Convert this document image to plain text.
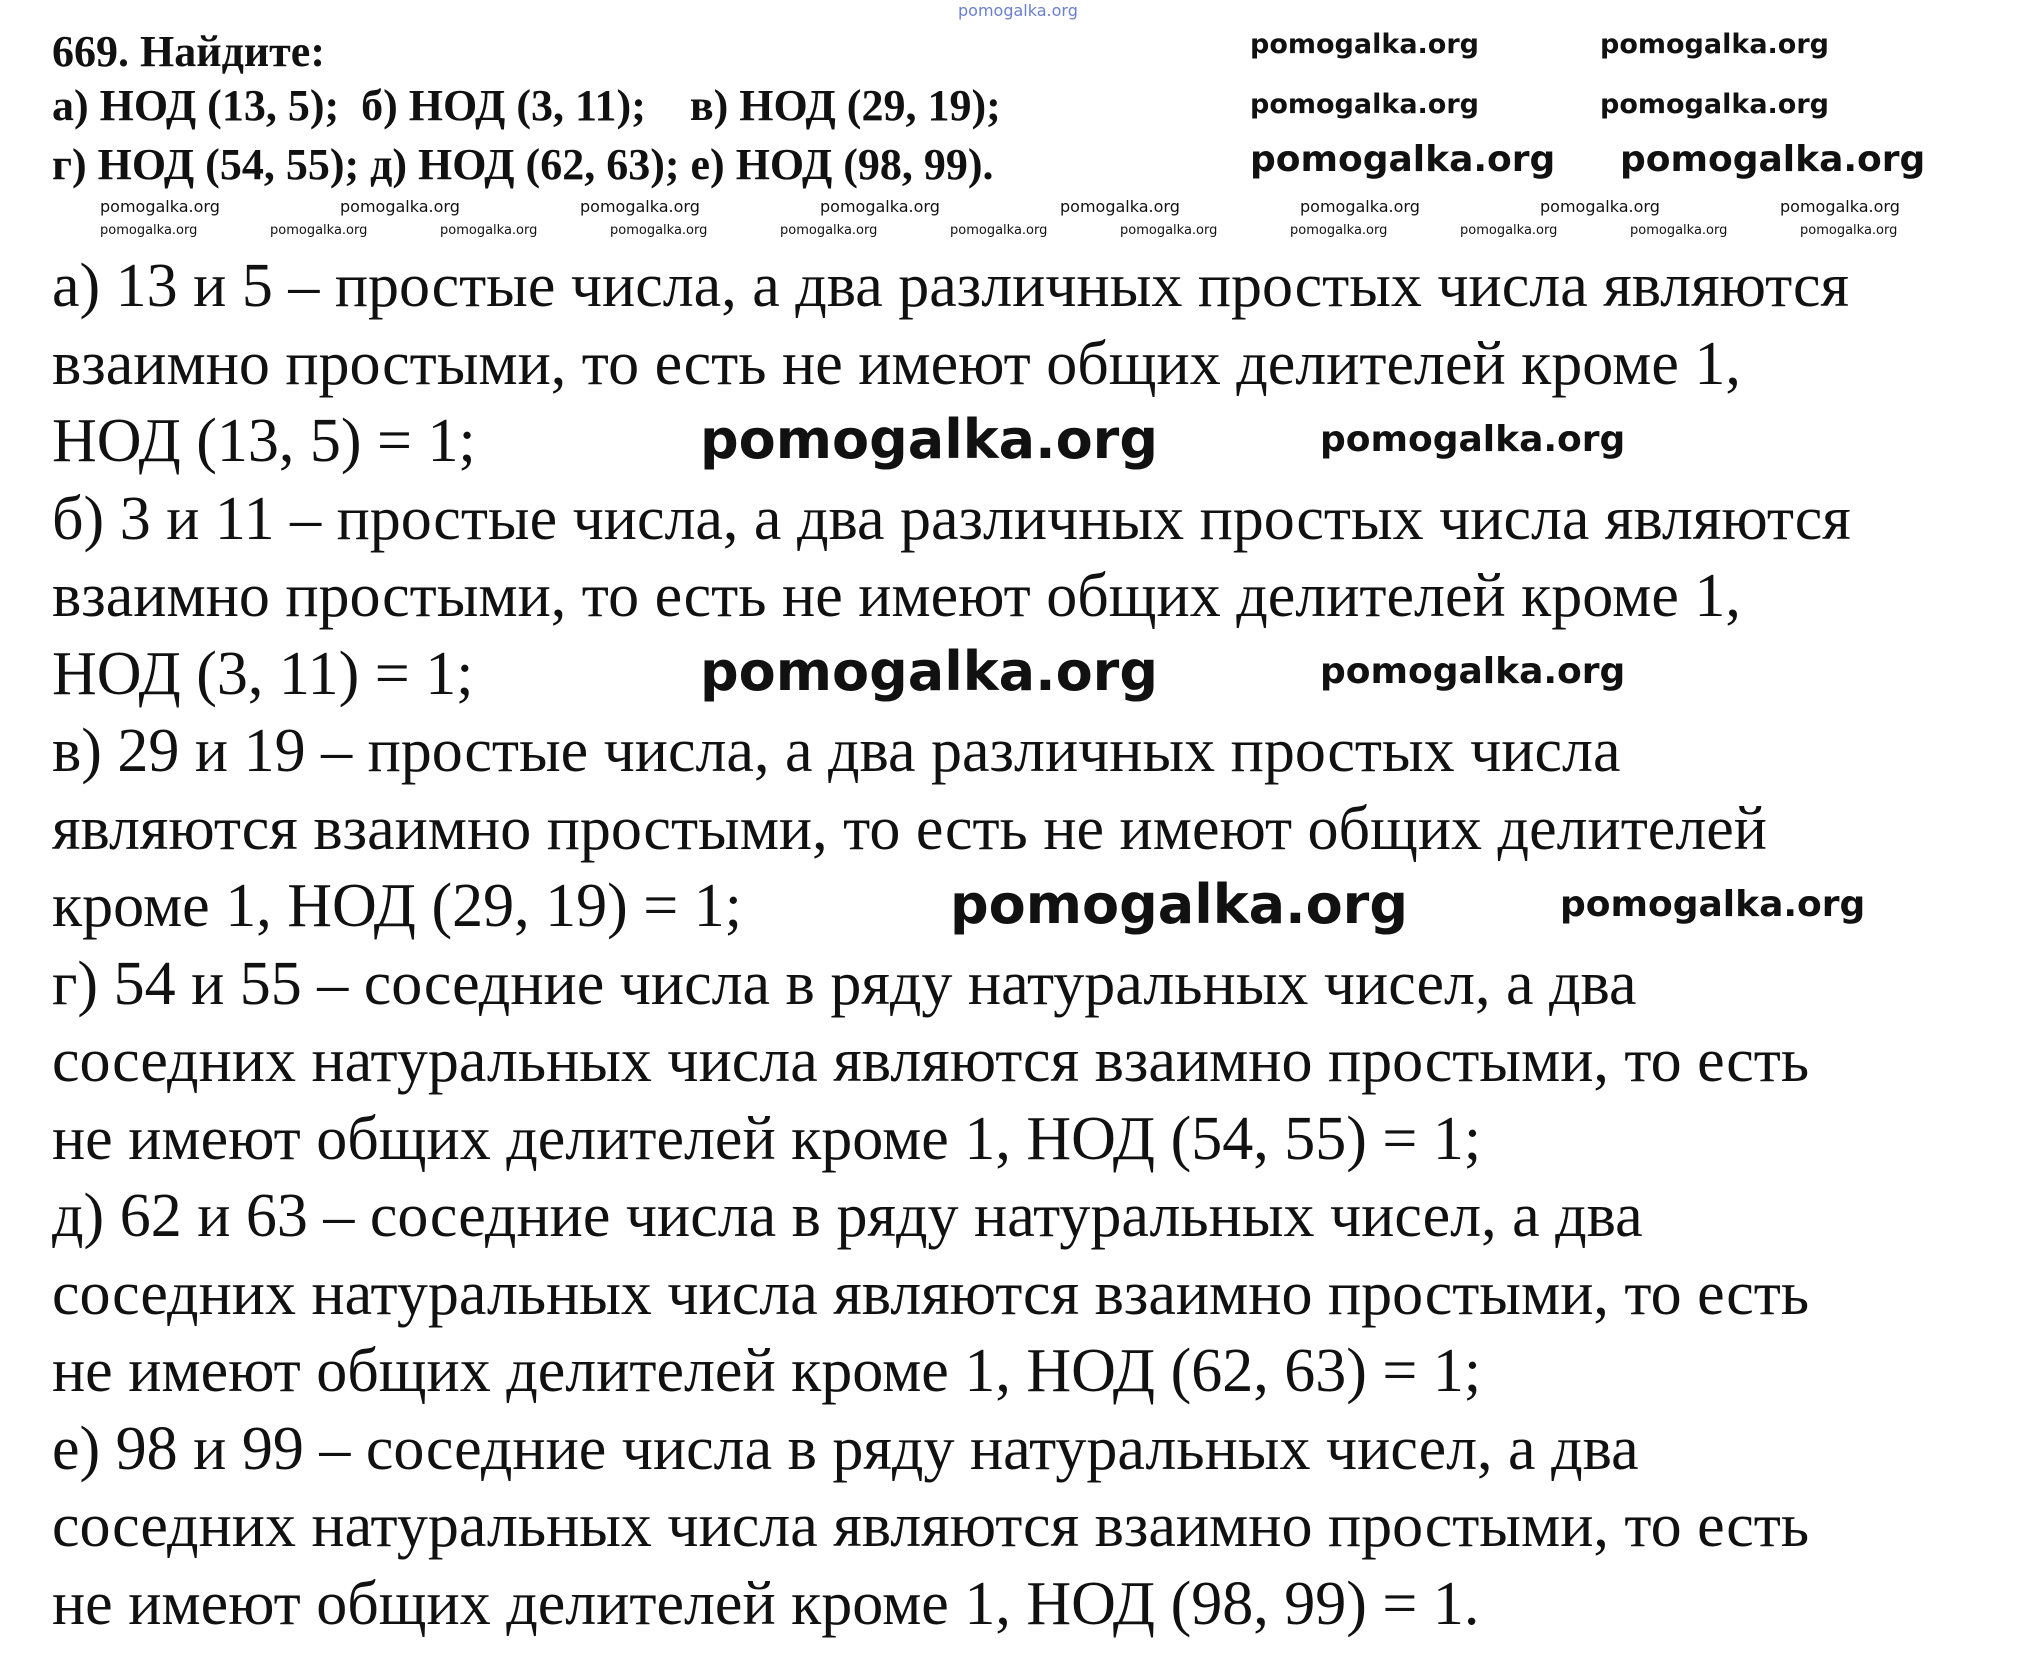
669. Найдите:
а) НОД (13, 5);  б) НОД (3, 11);    в) НОД (29, 19);
г) НОД (54, 55); д) НОД (62, 63); е) НОД (98, 99).
а) 13 и 5 – простые числа, а два различных простых числа являются
взаимно простыми, то есть не имеют общих делителей кроме 1,
НОД (13, 5) = 1;
б) 3 и 11 – простые числа, а два различных простых числа являются
взаимно простыми, то есть не имеют общих делителей кроме 1,
НОД (3, 11) = 1;
в) 29 и 19 – простые числа, а два различных простых числа
являются взаимно простыми, то есть не имеют общих делителей
кроме 1, НОД (29, 19) = 1;
г) 54 и 55 – соседние числа в ряду натуральных чисел, а два
соседних натуральных числа являются взаимно простыми, то есть
не имеют общих делителей кроме 1, НОД (54, 55) = 1;
д) 62 и 63 – соседние числа в ряду натуральных чисел, а два
соседних натуральных числа являются взаимно простыми, то есть
не имеют общих делителей кроме 1, НОД (62, 63) = 1;
е) 98 и 99 – соседние числа в ряду натуральных чисел, а два
соседних натуральных числа являются взаимно простыми, то есть
не имеют общих делителей кроме 1, НОД (98, 99) = 1.
pomogalka.org
pomogalka.org	pomogalka.org
pomogalka.org	pomogalka.org
pomogalka.org pomogalka.org
pomogalka.org	pomogalka.org	pomogalka.org	pomogalka.org	pomogalka.org	pomogalka.org	pomogalka.org	pomogalka.org
pomogalka.org	pomogalka.org	pomogalka.org	pomogalka.org	pomogalka.org	pomogalka.org	pomogalka.org	pomogalka.org	pomogalka.org	pomogalka.org	pomogalka.org
pomogalka.org	pomogalka.org
pomogalka.org	pomogalka.org
pomogalka.org	pomogalka.org
